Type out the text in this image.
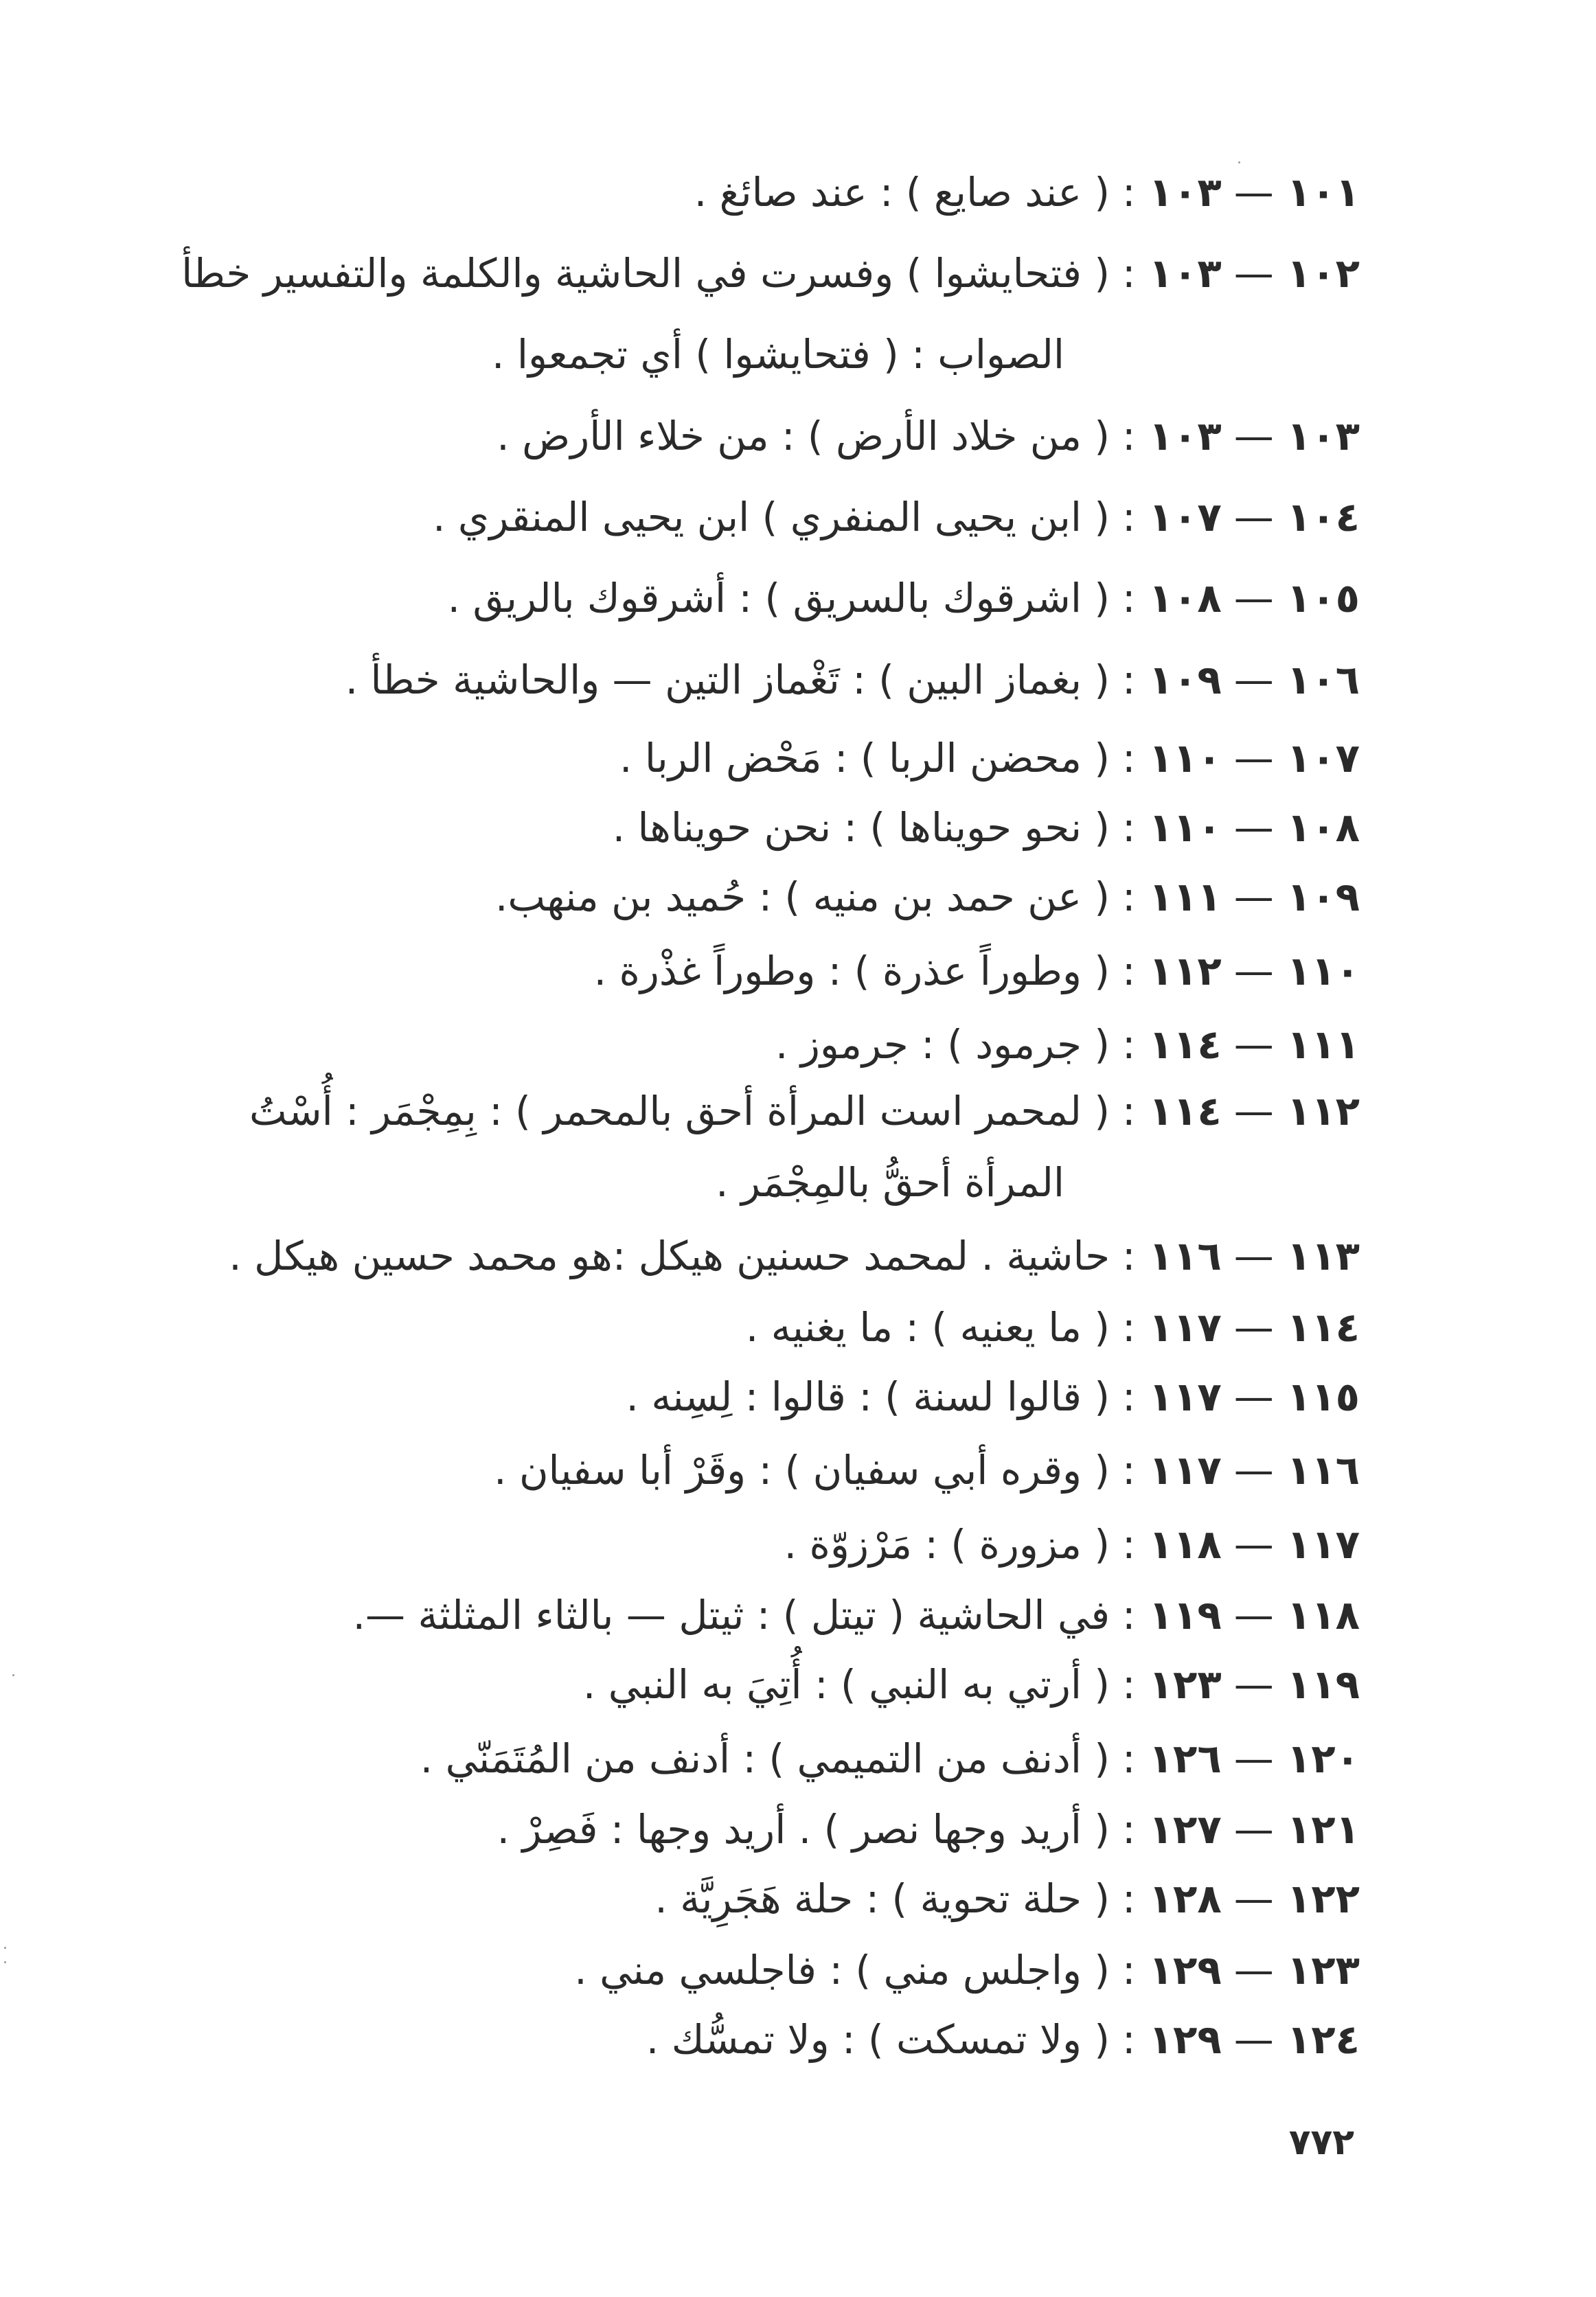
١٠١—١٠٣:( عند صايع ) : عند صائغ .
١٠٢—١٠٣:( فتحايشوا ) وفسرت في الحاشية والكلمة والتفسير خطأ
الصواب : ( فتحايشوا ) أي تجمعوا .
١٠٣—١٠٣:( من خلاد الأرض ) : من خلاء الأرض .
١٠٤—١٠٧:( ابن يحيى المنفري ) ابن يحيى المنقري .
١٠٥—١٠٨:( اشرقوك بالسريق ) : أشرقوك بالريق .
١٠٦—١٠٩:( بغماز البين ) : تَغْماز التين — والحاشية خطأ .
١٠٧—١١٠:( محضن الربا ) : مَحْض الربا .
١٠٨—١١٠:( نحو حويناها ) : نحن حويناها .
١٠٩—١١١:( عن حمد بن منيه ) : حُميد بن منهب.
١١٠—١١٢:( وطوراً عذرة ) : وطوراً غذْرة .
١١١—١١٤:( جرمود ) : جرموز .
١١٢—١١٤:( لمحمر است المرأة أحق بالمحمر ) : بِمِجْمَر : أُسْتُ
المرأة أحقُّ بالمِجْمَر .
١١٣—١١٦:حاشية . لمحمد حسنين هيكل :هو محمد حسين هيكل .
١١٤—١١٧:( ما يعنيه ) : ما يغنيه .
١١٥—١١٧:( قالوا لسنة ) : قالوا : لِسِنه .
١١٦—١١٧:( وقره أبي سفيان ) : وقَرْ أبا سفيان .
١١٧—١١٨:( مزورة ) : مَرْزوّة .
١١٨—١١٩:في الحاشية ( تيتل ) : ثيتل — بالثاء المثلثة —.
١١٩—١٢٣:( أرتي به النبي ) : أُتِيَ به النبي .
١٢٠—١٢٦:( أدنف من التميمي ) : أدنف من المُتَمَنّي .
١٢١—١٢٧:( أريد وجها نصر ) . أريد وجها : فَصِرْ .
١٢٢—١٢٨:( حلة تحوية ) : حلة هَجَرِيَّة .
١٢٣—١٢٩:( واجلس مني ) : فاجلسي مني .
١٢٤—١٢٩:( ولا تمسكت ) : ولا تمسُّك .
٧٧٢
